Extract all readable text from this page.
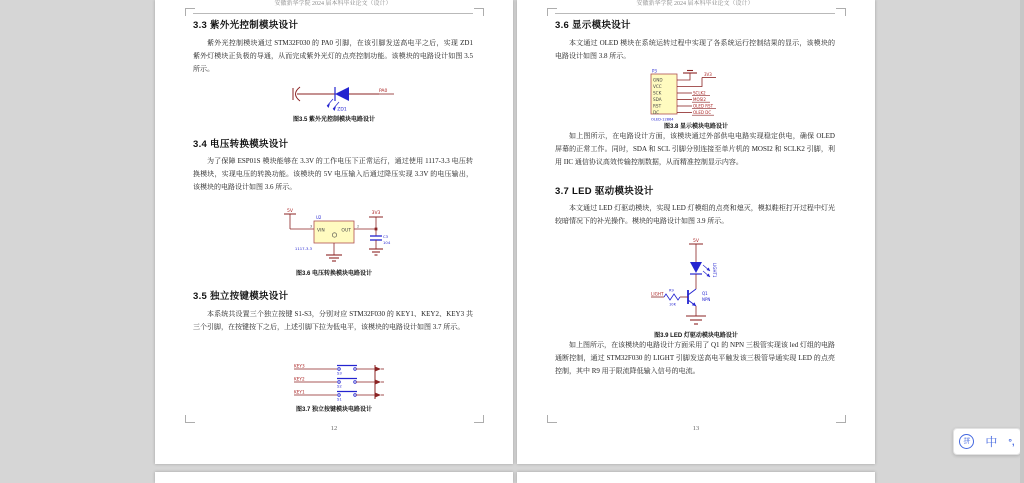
安徽新华学院 2024 届本科毕业论文（设计）
3.3 紫外光控制模块设计
紫外光控制模块通过 STM32F030 的 PA0 引脚，在该引脚发送高电平之后，实现 ZD1 紫外灯模块正负极的导通，从而完成紫外光灯的点亮控制功能。该模块的电路设计如图 3.5 所示。
ZD1
PA0
图3.5 紫外光控制模块电路设计
3.4 电压转换模块设计
为了保障 ESP01S 模块能够在 3.3V 的工作电压下正常运行，通过使用 1117-3.3 电压转换模块，实现电压的转换功能。该模块的 5V 电压输入后通过降压实现 3.3V 的电压输出，该模块的电路设计如图 3.6 所示。
5V
3
U2
VIN	OUT
1117-3.3
2
3V3
C3
104
图3.6 电压转换模块电路设计
3.5 独立按键模块设计
本系统共设置三个独立按键 S1-S3，分别对应 STM32F030 的 KEY1、KEY2、KEY3 共三个引脚，在按键按下之后，上述引脚下拉为低电平，该模块的电路设计如图 3.7 所示。
KEY3
S3
KEY2
S2
KEY1
S1
图3.7 独立按键模块电路设计
12
安徽新华学院 2024 届本科毕业论文（设计）
3.6 显示模块设计
本文通过 OLED 模块在系统运转过程中实现了各系统运行控制结果的显示，该模块的电路设计如图 3.8 所示。
P3
GND
VCC
SCK
SDA
RST
DC
OLED-12864
3V3
SCLK2
MOSI2
OLED RST
OLED DC
图3.8 显示模块电路设计
如上图所示，在电路设计方面，该模块通过外部供电电路实现稳定供电，确保 OLED 屏幕的正常工作。同时，SDA 和 SCL 引脚分别连接至单片机的 MOSI2 和 SCLK2 引脚，利用 IIC 通信协议高效传输控制数据，从而精准控制显示内容。
3.7 LED 驱动模块设计
本文通过 LED 灯驱动模块，实现 LED 灯模组的点亮和熄灭，模拟鞋柜打开过程中灯光较暗情况下的补光操作。模块的电路设计如图 3.9 所示。
5V
LIGHT1
Q1
NPN
LIGHT
R9
10K
图3.9 LED 灯驱动模块电路设计
如上图所示，在该模块的电路设计方面采用了 Q1 的 NPN 三极管实现该 led 灯组的电路通断控制，通过 STM32F030 的 LIGHT 引脚发送高电平触发该三极管导通实现 LED 的点亮控制，其中 R9 用于限流降低输入信号的电流。
13
拼	中 °,
